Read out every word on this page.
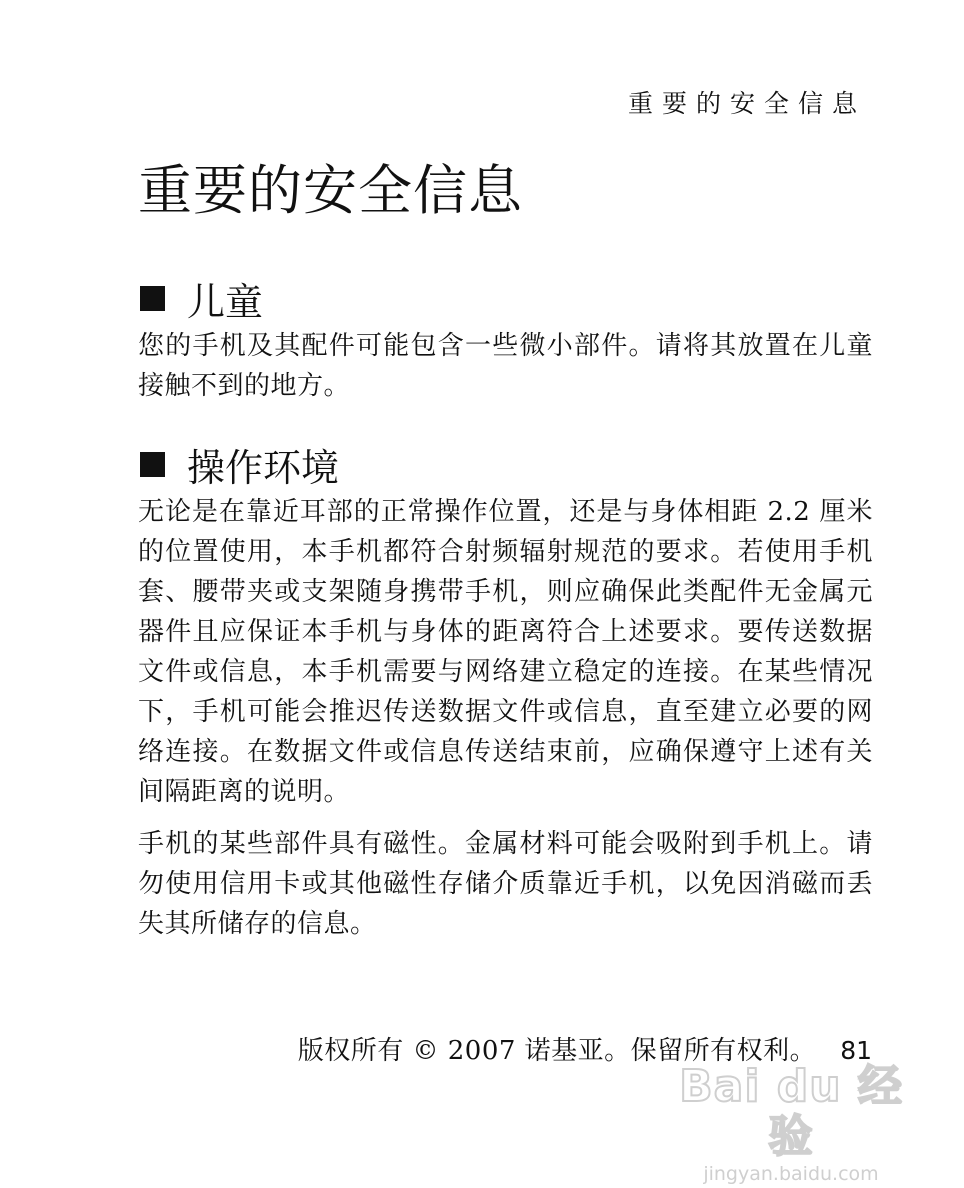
重要的安全信息
重要的安全信息
儿童

您的手机及其配件可能包含一些微小部件。请将其放置在儿童接触不到的地方。

操作环境

无论是在靠近耳部的正常操作位置，还是与身体相距 2.2 厘米的位置使用，本手机都符合射频辐射规范的要求。若使用手机套、腰带夹或支架随身携带手机，则应确保此类配件无金属元器件且应保证本手机与身体的距离符合上述要求。要传送数据文件或信息，本手机需要与网络建立稳定的连接。在某些情况下，手机可能会推迟传送数据文件或信息，直至建立必要的网络连接。在数据文件或信息传送结束前，应确保遵守上述有关间隔距离的说明。

手机的某些部件具有磁性。金属材料可能会吸附到手机上。请勿使用信用卡或其他磁性存储介质靠近手机，以免因消磁而丢失其所储存的信息。

版权所有 © 2007 诺基亚。保留所有权利。 81
Bai du 经验
jingyan.baidu.com
